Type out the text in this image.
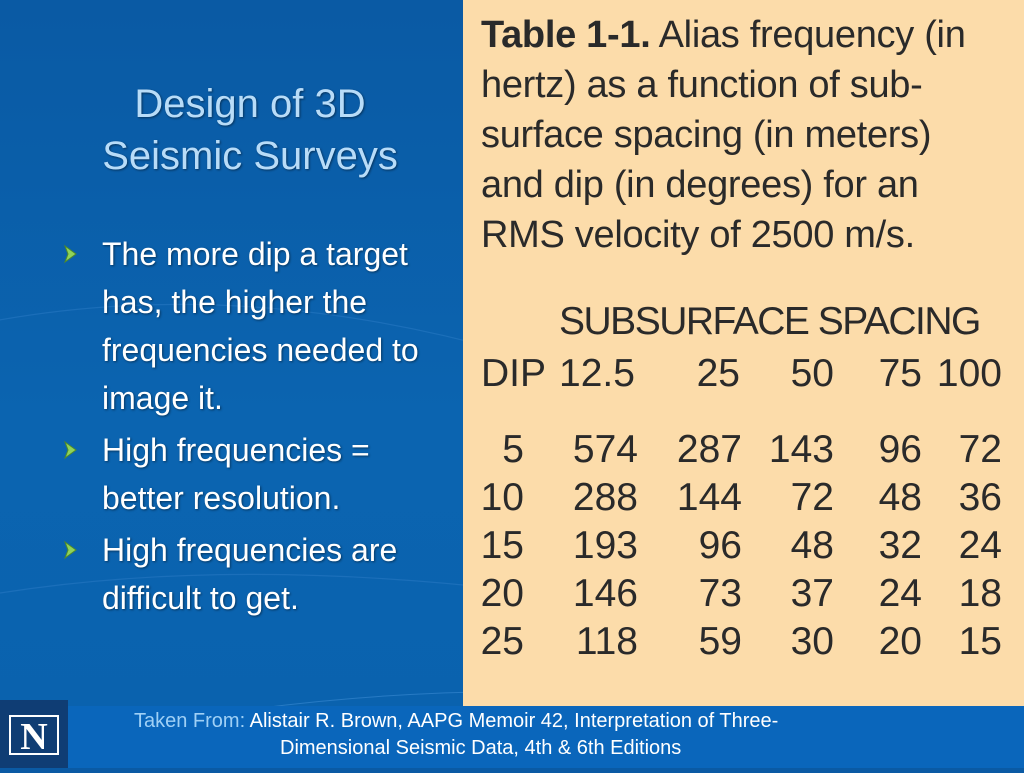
Design of 3D
Seismic Surveys
The more dip a target has, the higher the frequencies needed to image it.
High frequencies = better resolution.
High frequencies are difficult to get.
Table 1-1. Alias frequency (in
hertz) as a function of sub-
surface spacing (in meters)
and dip (in degrees) for an
RMS velocity of 2500 m/s.
SUBSURFACE SPACING
DIP 12.5 25 50 75 100
5 574 287 143 96 72
10 288 144 72 48 36
15 193 96 48 32 24
20 146 73 37 24 18
25 118 59 30 20 15
N	Taken From: Alistair R. Brown, AAPG Memoir 42, Interpretation of Three-
Dimensional Seismic Data, 4th & 6th Editions
